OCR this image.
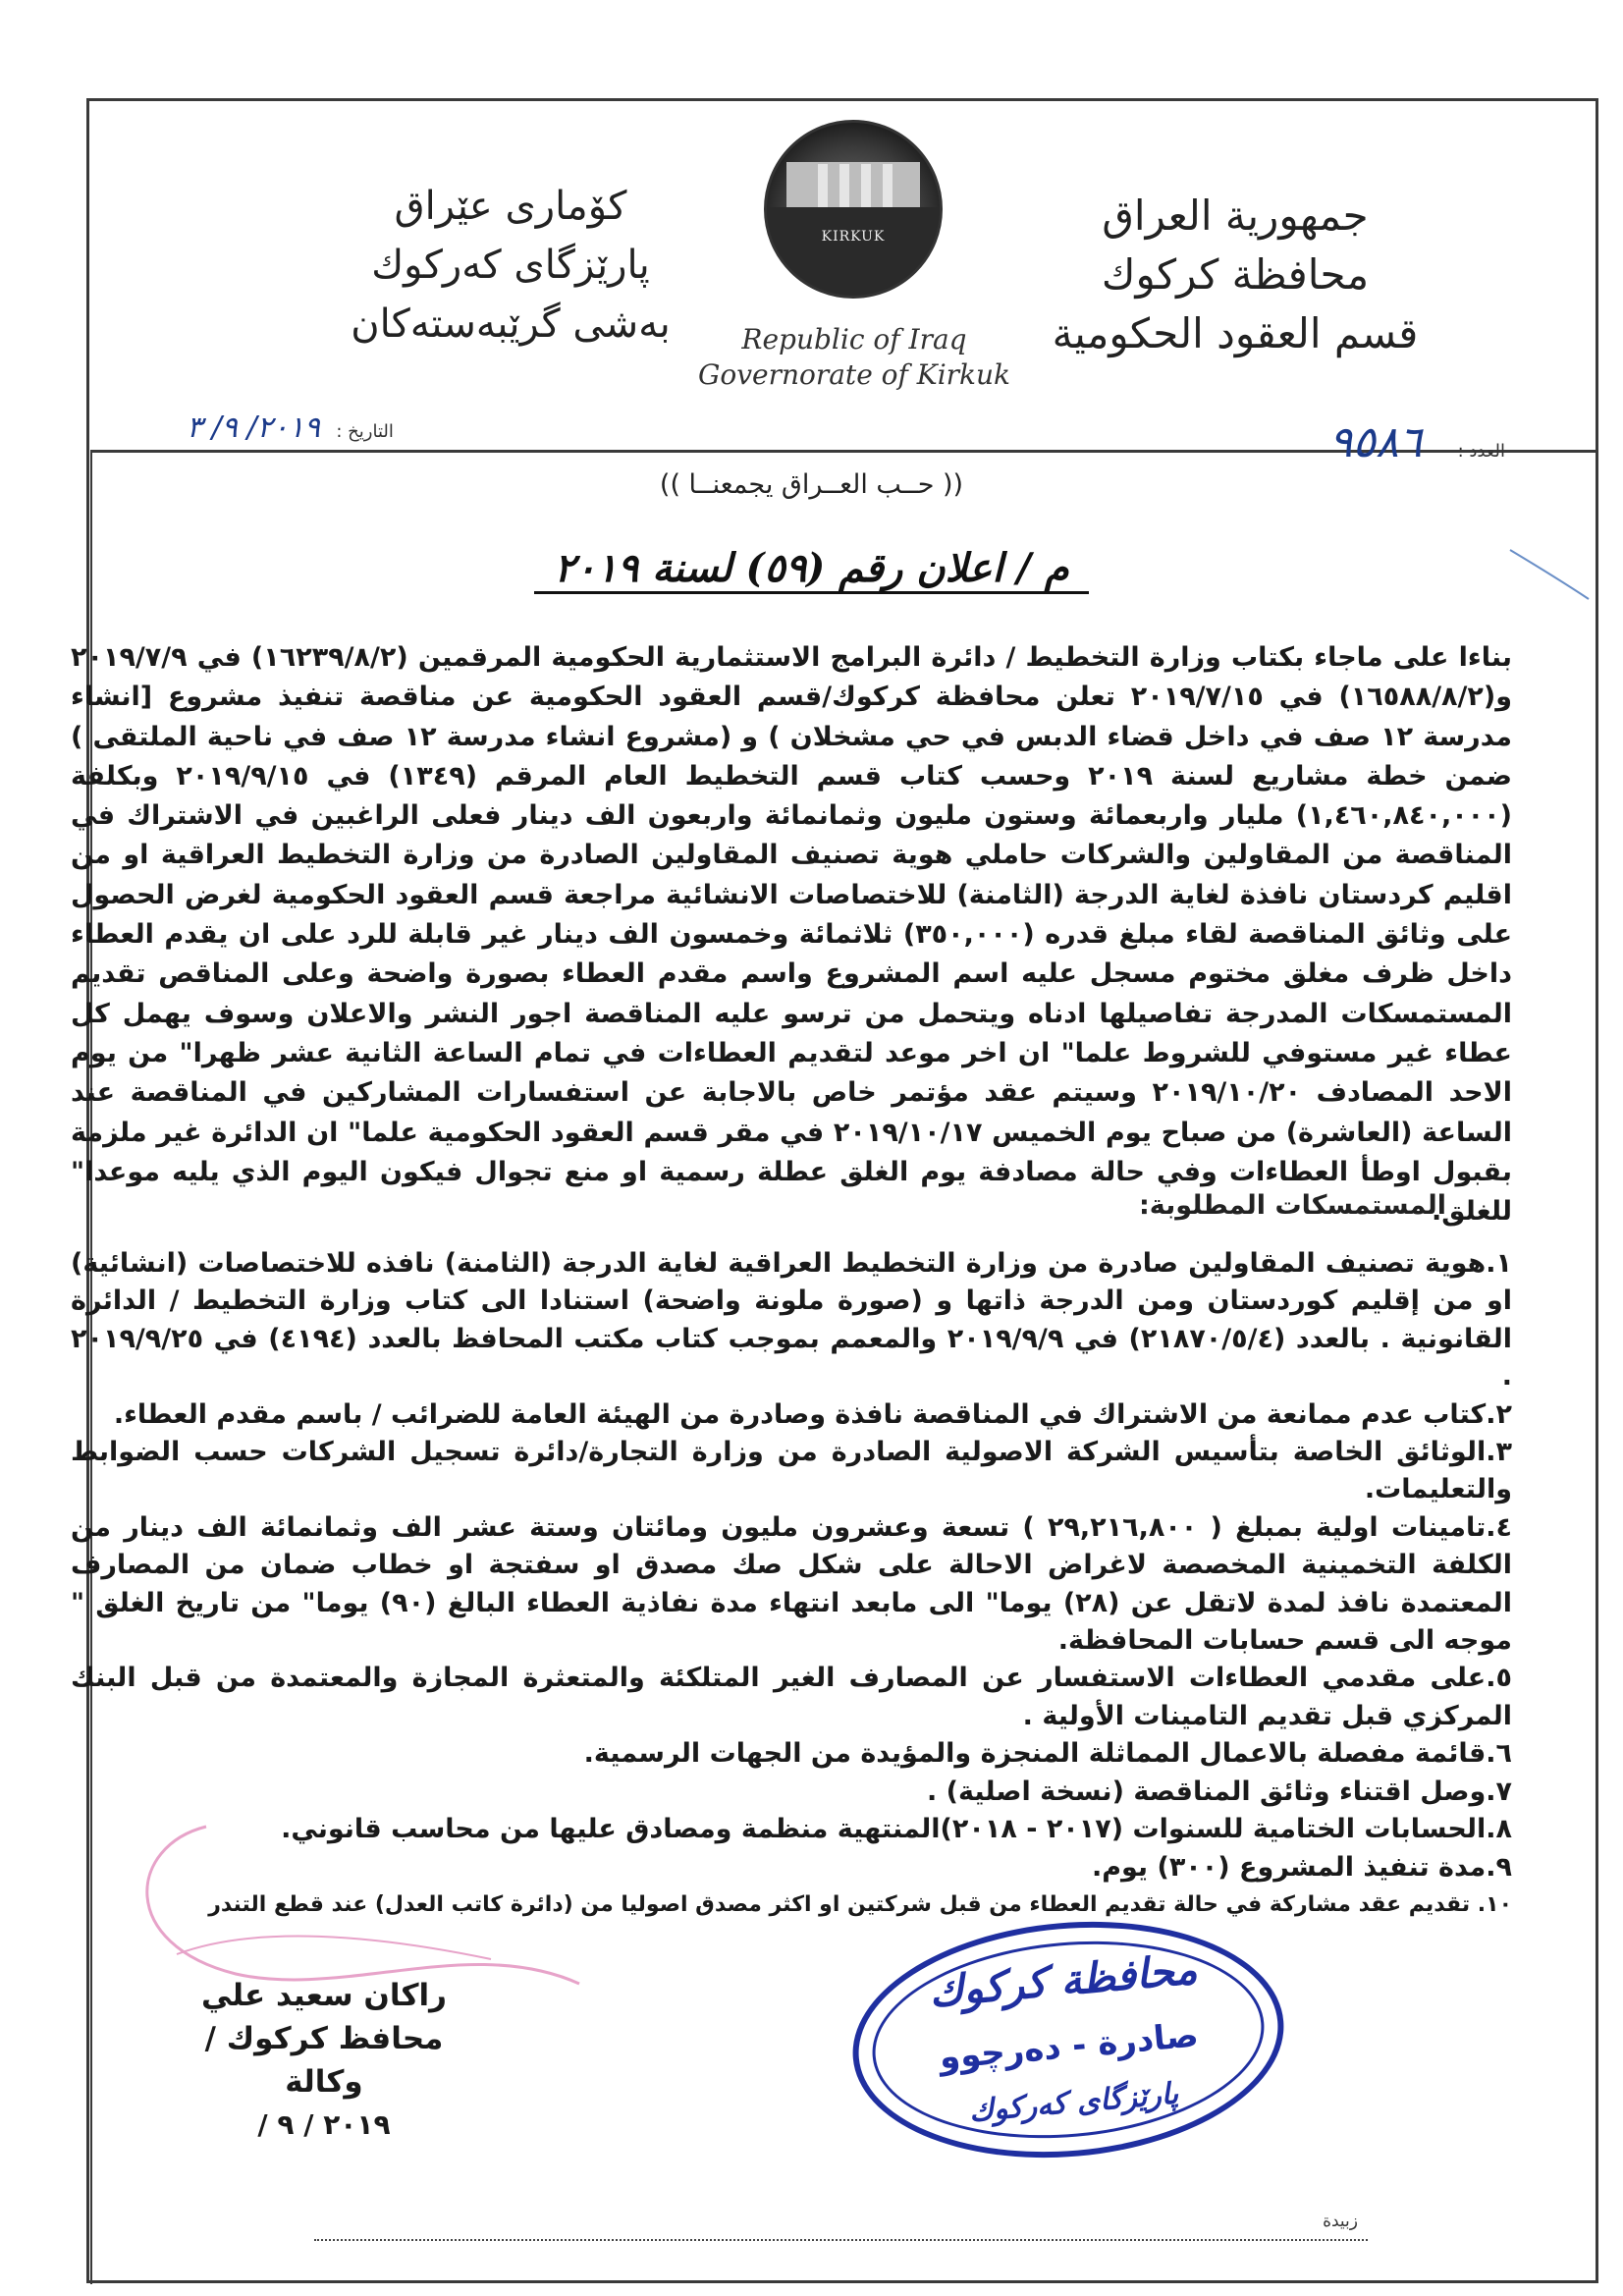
جمهورية العراق
محافظة كركوك
قسم العقود الحكومية
كۆماری عێراق
پارێزگای كەركوك
بەشی گرێبەستەكان
KIRKUK
Republic of Iraq
Governorate of Kirkuk
التاريخ : ٢٠١٩/ ٩/ ٣
العدد : ٩٥٨٦
(( حــب العــراق يجمعنــا ))
م / اعلان رقم (٥٩) لسنة ٢٠١٩
بناءا على ماجاء بكتاب وزارة التخطيط / دائرة البرامج الاستثمارية الحكومية المرقمين (١٦٢٣٩/٨/٢) في ٢٠١٩/٧/٩ و(١٦٥٨٨/٨/٢) في ٢٠١٩/٧/١٥ تعلن محافظة كركوك/قسم العقود الحكومية عن مناقصة تنفيذ مشروع [انشاء مدرسة ١٢ صف في داخل قضاء الدبس في حي مشخلان ) و (مشروع انشاء مدرسة ١٢ صف في ناحية الملتقى ) ضمن خطة مشاريع لسنة ٢٠١٩ وحسب كتاب قسم التخطيط العام المرقم (١٣٤٩) في ٢٠١٩/٩/١٥ وبكلفة (١,٤٦٠,٨٤٠,٠٠٠) مليار واربعمائة وستون مليون وثمانمائة واربعون الف دينار فعلى الراغبين في الاشتراك في المناقصة من المقاولين والشركات حاملي هوية تصنيف المقاولين الصادرة من وزارة التخطيط العراقية او من اقليم كردستان نافذة لغاية الدرجة (الثامنة) للاختصاصات الانشائية مراجعة قسم العقود الحكومية لغرض الحصول على وثائق المناقصة لقاء مبلغ قدره (٣٥٠,٠٠٠) ثلاثمائة وخمسون الف دينار غير قابلة للرد على ان يقدم العطاء داخل ظرف مغلق مختوم مسجل عليه اسم المشروع واسم مقدم العطاء بصورة واضحة وعلى المناقص تقديم المستمسكات المدرجة تفاصيلها ادناه ويتحمل من ترسو عليه المناقصة اجور النشر والاعلان وسوف يهمل كل عطاء غير مستوفي للشروط علما" ان اخر موعد لتقديم العطاءات في تمام الساعة الثانية عشر ظهرا" من يوم الاحد المصادف ٢٠١٩/١٠/٢٠ وسيتم عقد مؤتمر خاص بالاجابة عن استفسارات المشاركين في المناقصة عند الساعة (العاشرة) من صباح يوم الخميس ٢٠١٩/١٠/١٧ في مقر قسم العقود الحكومية علما" ان الدائرة غير ملزمة بقبول اوطأ العطاءات وفي حالة مصادفة يوم الغلق عطلة رسمية او منع تجوال فيكون اليوم الذي يليه موعدا" للغلق.
المستمسكات المطلوبة:

١.هوية تصنيف المقاولين صادرة من وزارة التخطيط العراقية لغاية الدرجة (الثامنة) نافذه للاختصاصات (انشائية) او من إقليم كوردستان ومن الدرجة ذاتها و (صورة ملونة واضحة) استنادا الى كتاب وزارة التخطيط / الدائرة القانونية . بالعدد (٢١٨٧٠/٥/٤) في ٢٠١٩/٩/٩ والمعمم بموجب كتاب مكتب المحافظ بالعدد (٤١٩٤) في ٢٠١٩/٩/٢٥ .

٢.كتاب عدم ممانعة من الاشتراك في المناقصة نافذة وصادرة من الهيئة العامة للضرائب / باسم مقدم العطاء.

٣.الوثائق الخاصة بتأسيس الشركة الاصولية الصادرة من وزارة التجارة/دائرة تسجيل الشركات حسب الضوابط والتعليمات.

٤.تامينات اولية بمبلغ ( ٢٩,٢١٦,٨٠٠ ) تسعة وعشرون مليون ومائتان وستة عشر الف وثمانمائة الف دينار من الكلفة التخمينية المخصصة لاغراض الاحالة على شكل صك مصدق او سفتجة او خطاب ضمان من المصارف المعتمدة نافذ لمدة لاتقل عن (٢٨) يوما" الى مابعد انتهاء مدة نفاذية العطاء البالغ (٩٠) يوما" من تاريخ الغلق " موجه الى قسم حسابات المحافظة.

٥.على مقدمي العطاءات الاستفسار عن المصارف الغير المتلكئة والمتعثرة المجازة والمعتمدة من قبل البنك المركزي قبل تقديم التامينات الأولية .

٦.قائمة مفصلة بالاعمال المماثلة المنجزة والمؤيدة من الجهات الرسمية.

٧.وصل اقتناء وثائق المناقصة (نسخة اصلية) .

٨.الحسابات الختامية للسنوات (٢٠١٧ - ٢٠١٨)المنتهية منظمة ومصادق عليها من محاسب قانوني.

٩.مدة تنفيذ المشروع (٣٠٠) يوم.

١٠. تقديم عقد مشاركة في حالة تقديم العطاء من قبل شركتين او اكثر مصدق اصوليا من (دائرة كاتب العدل) عند قطع التندر

راكان سعيد علي
محافظ كركوك / وكالة
٢٠١٩ / ٩ /
محافظة كركوك
صادرة - دەرچوو
پارێزگای كەركوك
زبيدة
